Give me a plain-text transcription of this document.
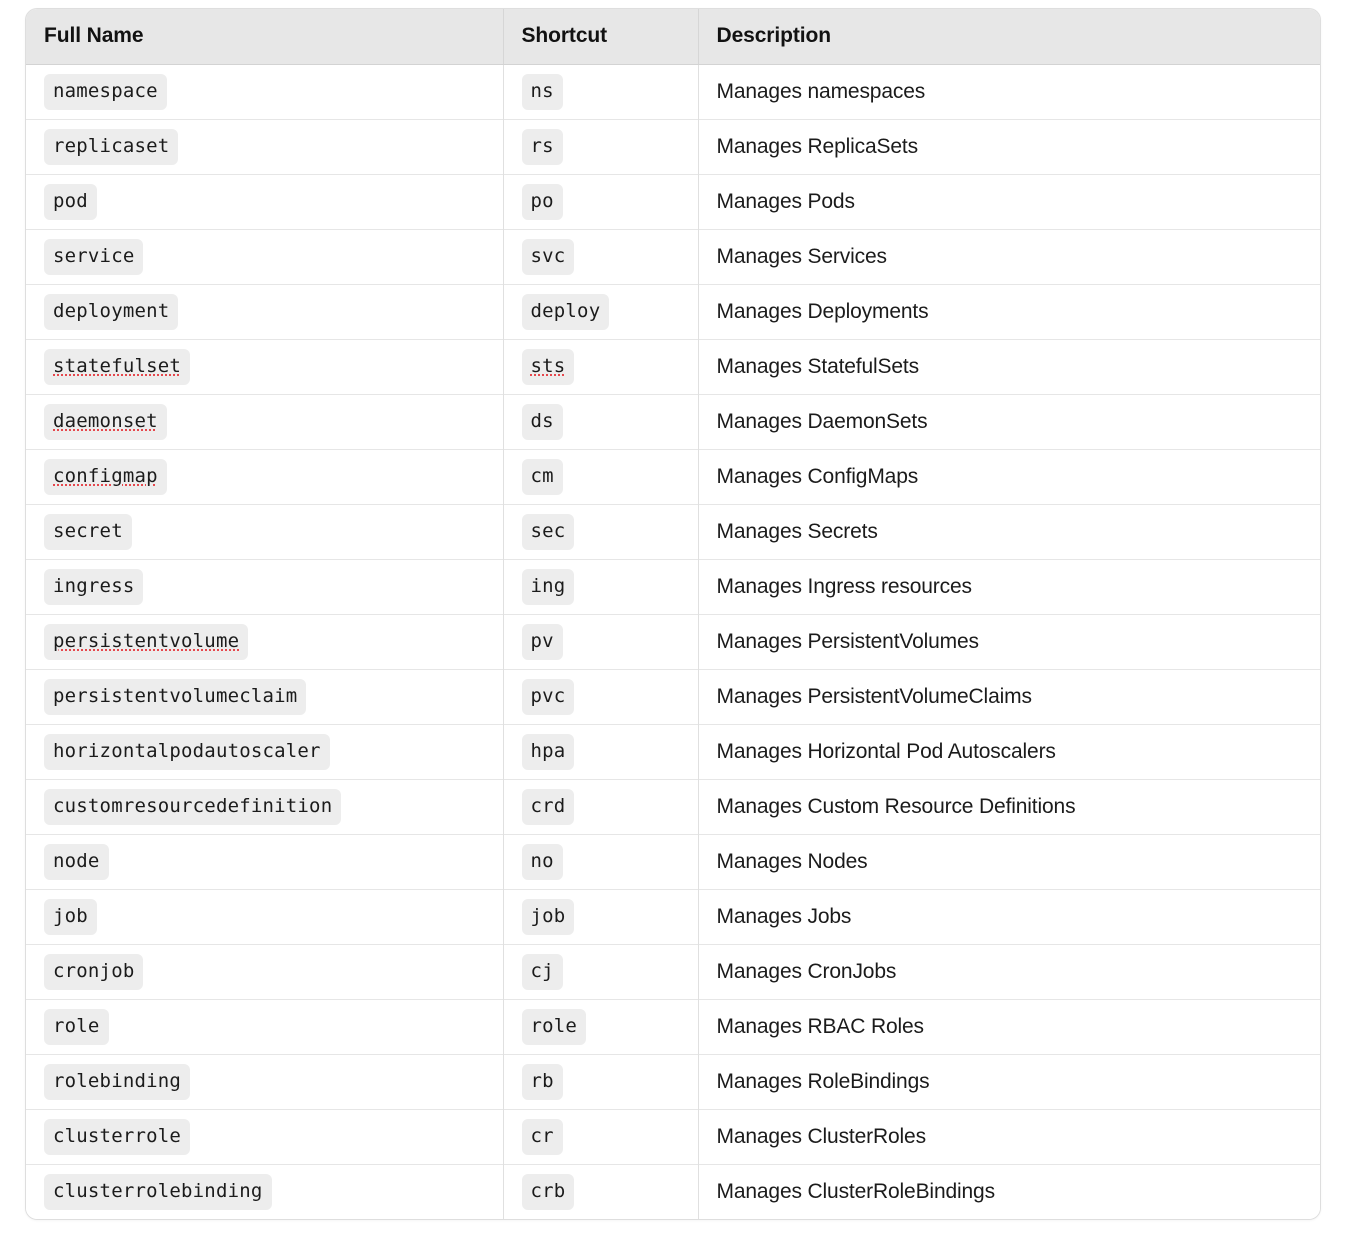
Full Name	Shortcut	Description
namespace	ns	Manages namespaces
replicaset	rs	Manages ReplicaSets
pod	po	Manages Pods
service	svc	Manages Services
deployment	deploy	Manages Deployments
statefulset	sts	Manages StatefulSets
daemonset	ds	Manages DaemonSets
configmap	cm	Manages ConfigMaps
secret	sec	Manages Secrets
ingress	ing	Manages Ingress resources
persistentvolume	pv	Manages PersistentVolumes
persistentvolumeclaim	pvc	Manages PersistentVolumeClaims
horizontalpodautoscaler	hpa	Manages Horizontal Pod Autoscalers
customresourcedefinition	crd	Manages Custom Resource Definitions
node	no	Manages Nodes
job	job	Manages Jobs
cronjob	cj	Manages CronJobs
role	role	Manages RBAC Roles
rolebinding	rb	Manages RoleBindings
clusterrole	cr	Manages ClusterRoles
clusterrolebinding	crb	Manages ClusterRoleBindings
